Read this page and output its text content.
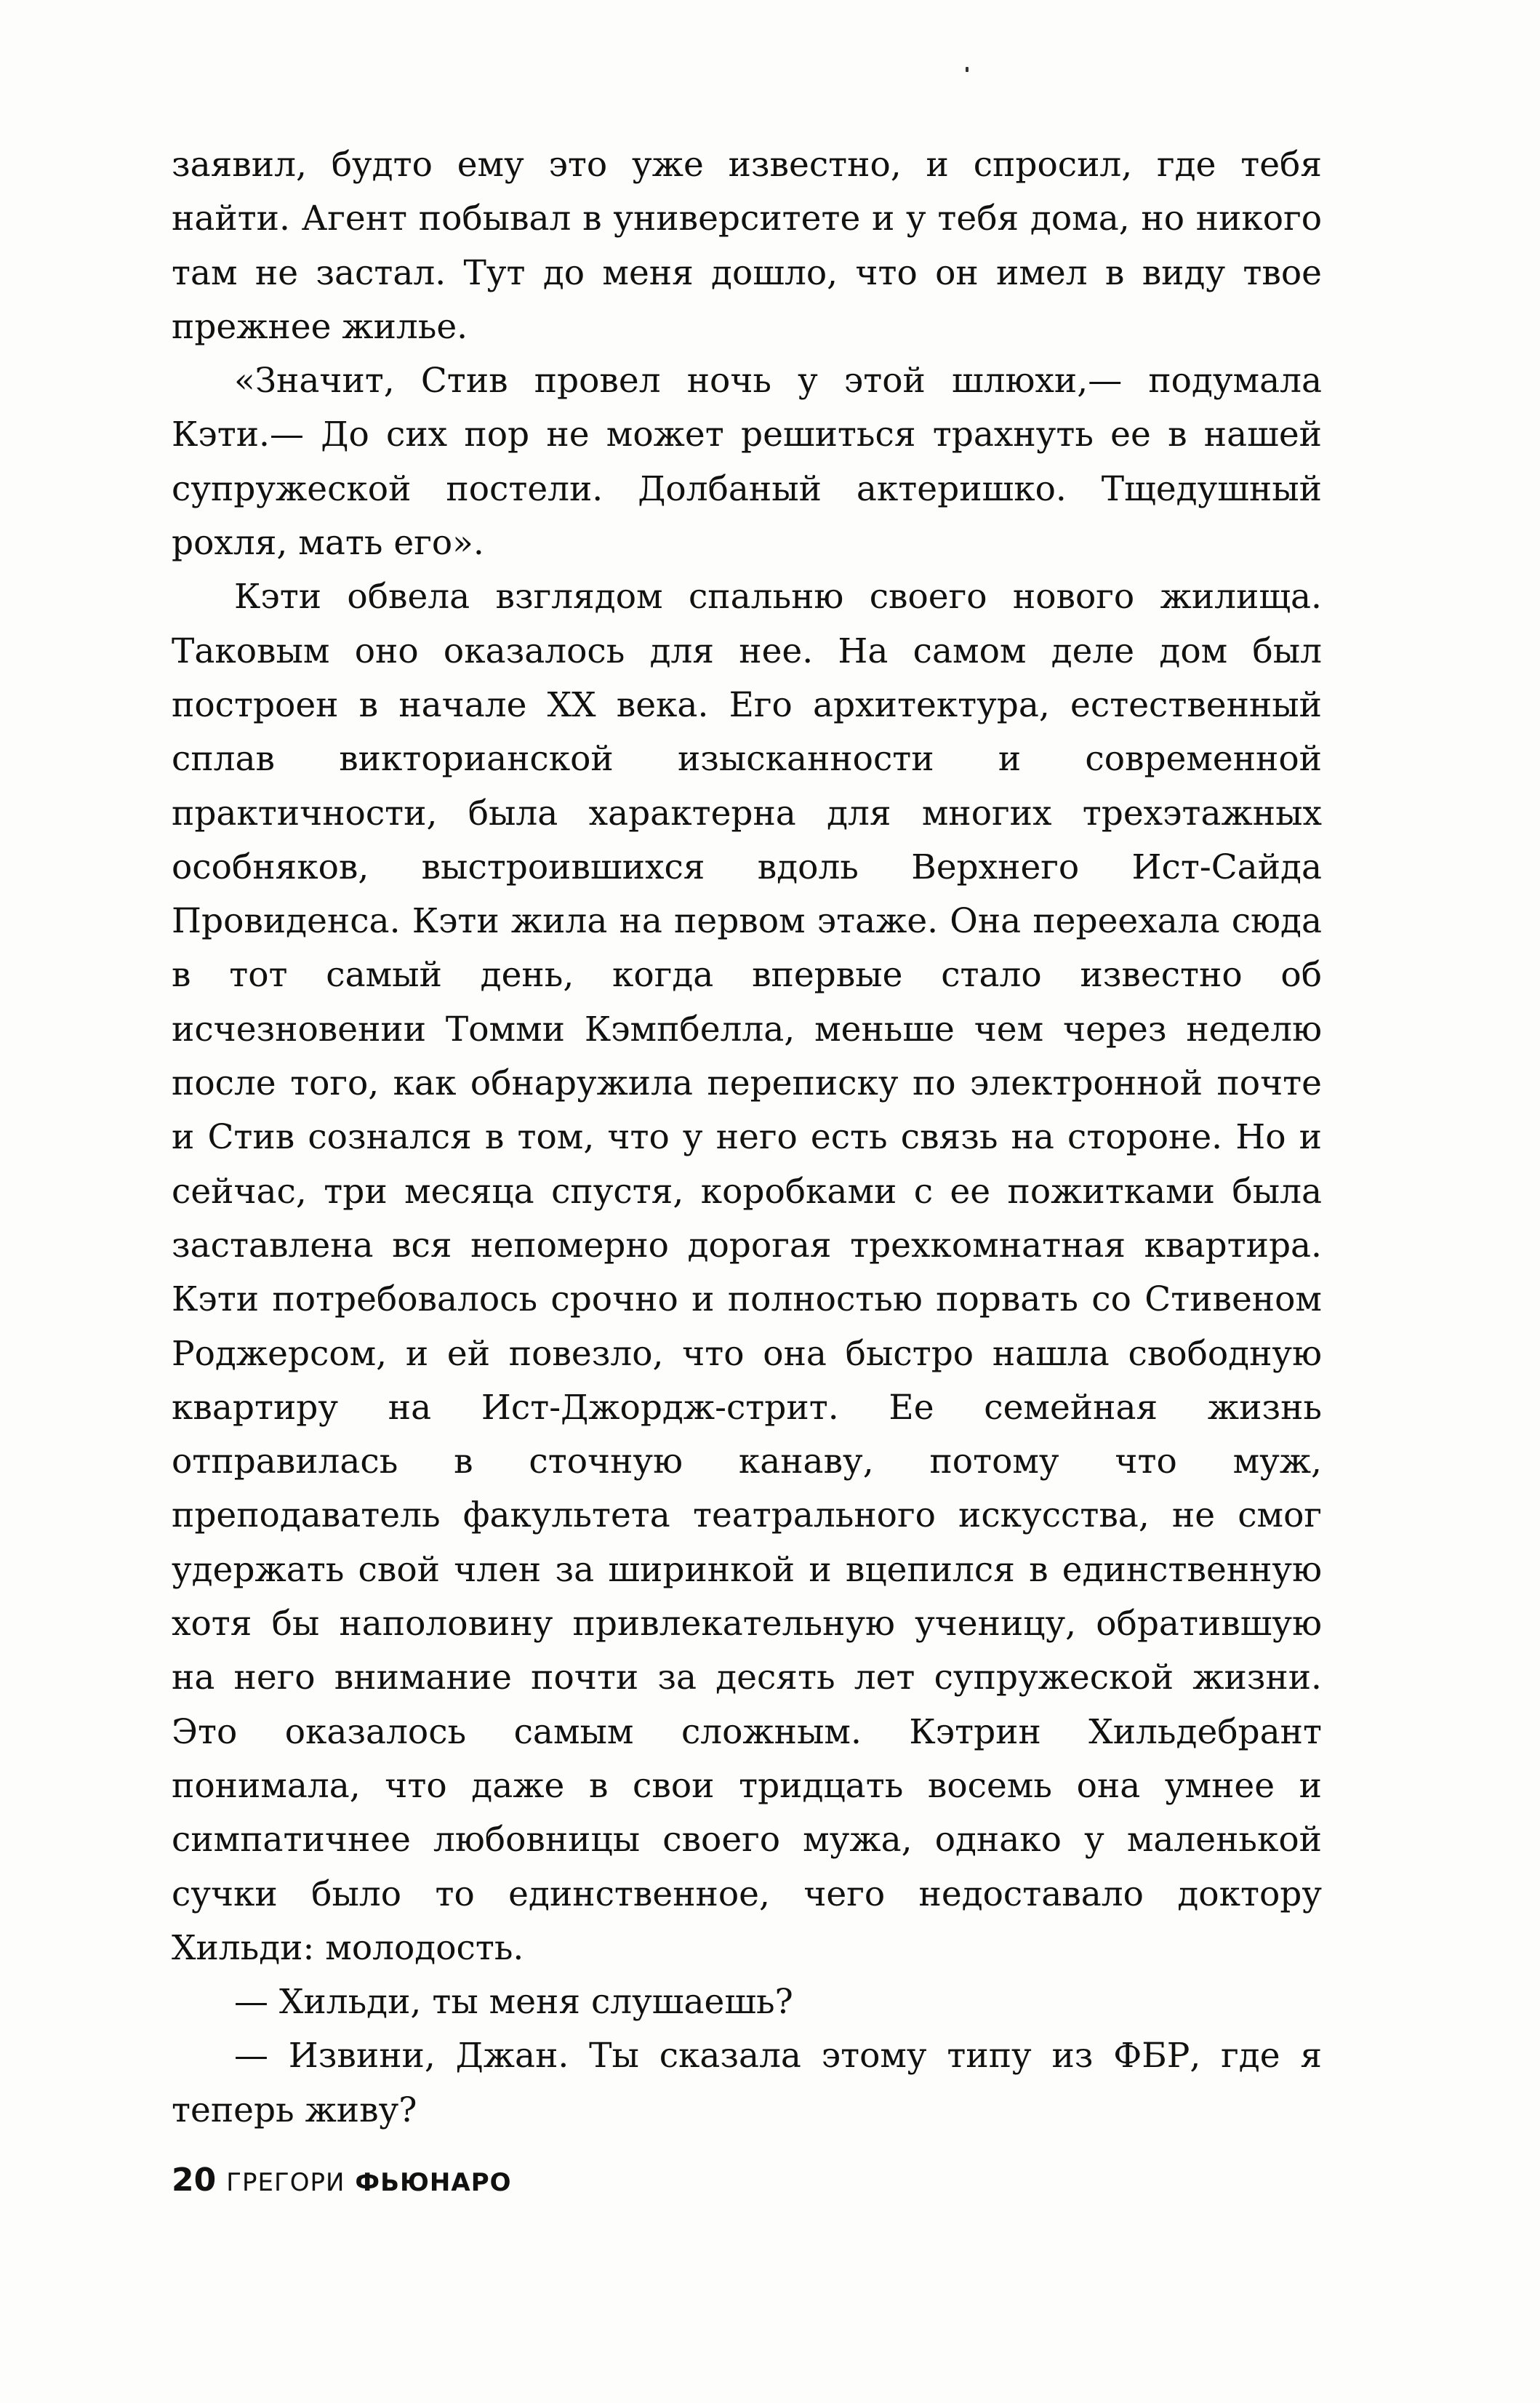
заявил, будто ему это уже известно, и спросил, где тебя найти. Агент побывал в университете и у тебя дома, но никого там не застал. Тут до меня дошло, что он имел в виду твое прежнее жилье.

«Значит, Стив провел ночь у этой шлюхи,— подумала Кэти.— До сих пор не может решиться трахнуть ее в нашей супружеской постели. Долбаный актеришко. Тщедушный рохля, мать его».

Кэти обвела взглядом спальню своего нового жилища. Таковым оно оказалось для нее. На самом деле дом был построен в начале XX века. Его архитектура, естественный сплав викторианской изысканности и современной практичности, была характерна для многих трехэтажных особняков, выстроившихся вдоль Верхнего Ист-Сайда Провиденса. Кэти жила на первом этаже. Она переехала сюда в тот самый день, когда впервые стало известно об исчезновении Томми Кэмпбелла, меньше чем через неделю после того, как обнаружила переписку по электронной почте и Стив сознался в том, что у него есть связь на стороне. Но и сейчас, три месяца спустя, коробками с ее пожитками была заставлена вся непомерно дорогая трехкомнатная квартира. Кэти потребовалось срочно и полностью порвать со Стивеном Роджерсом, и ей повезло, что она быстро нашла свободную квартиру на Ист-Джордж-стрит. Ее семейная жизнь отправилась в сточную канаву, потому что муж, преподаватель факультета театрального искусства, не смог удержать свой член за ширинкой и вцепился в единственную хотя бы наполовину привлекательную ученицу, обратившую на него внимание почти за десять лет супружеской жизни. Это оказалось самым сложным. Кэтрин Хильдебрант понимала, что даже в свои тридцать восемь она умнее и симпатичнее любовницы своего мужа, однако у маленькой сучки было то единственное, чего недоставало доктору Хильди: молодость.

— Хильди, ты меня слушаешь?

— Извини, Джан. Ты сказала этому типу из ФБР, где я теперь живу?

20 ГРЕГОРИ ФЬЮНАРО
